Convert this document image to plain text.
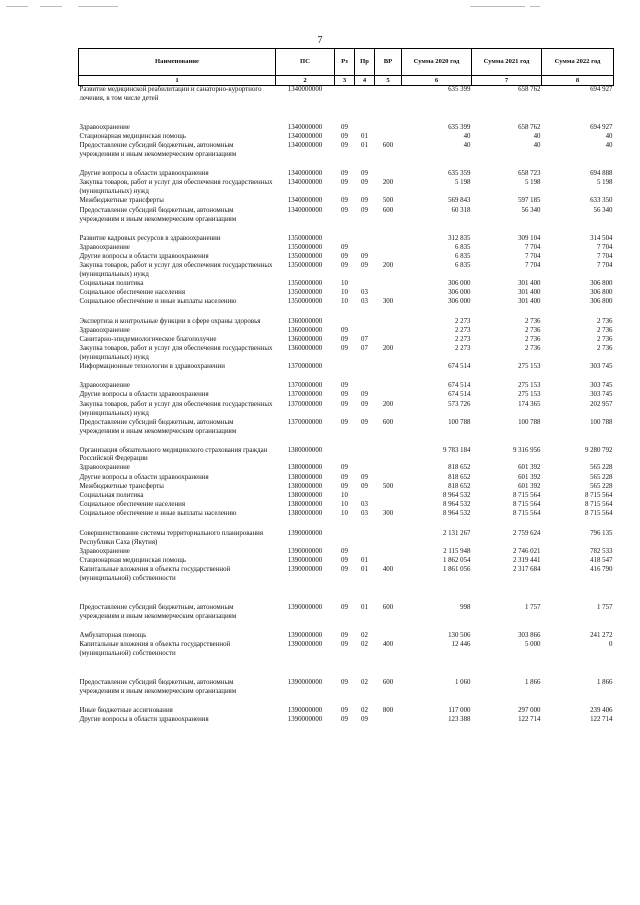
7
Наименование	ПС	Рз	Пр	ВР	Сумма 2020 год	Сумма 2021 год	Сумма 2022 год
1	2	3	4	5	6	7	8
Развитие медицинской реабилитации и санаторно-курортного лечения, в том числе детей	1340000000				635 399	658 762	694 927

Здравоохранение	1340000000	09			635 399	658 762	694 927
Стационарная медицинская помощь	1340000000	09	01		40	40	40
Предоставление субсидий бюджетным, автономным учреждениям и иным некоммерческим организациям	1340000000	09	01	600	40	40	40

Другие вопросы в области здравоохранения	1340000000	09	09		635 359	658 723	694 888
Закупка товаров, работ и услуг для обеспечения государственных (муниципальных) нужд	1340000000	09	09	200	5 198	5 198	5 198
Межбюджетные трансферты	1340000000	09	09	500	569 843	597 185	633 350
Предоставление субсидий бюджетным, автономным учреждениям и иным некоммерческим организациям	1340000000	09	09	600	60 318	56 340	56 340

Развитие кадровых ресурсов в здравоохранении	1350000000				312 835	309 104	314 504
Здравоохранение	1350000000	09			6 835	7 704	7 704
Другие вопросы в области здравоохранения	1350000000	09	09		6 835	7 704	7 704
Закупка товаров, работ и услуг для обеспечения государственных (муниципальных) нужд	1350000000	09	09	200	6 835	7 704	7 704
Социальная политика	1350000000	10			306 000	301 400	306 800
Социальное обеспечение населения	1350000000	10	03		306 000	301 400	306 800
Социальное обеспечение и иные выплаты населению	1350000000	10	03	300	306 000	301 400	306 800

Экспертиза и контрольные функции в сфере охраны здоровья	1360000000				2 273	2 736	2 736
Здравоохранение	1360000000	09			2 273	2 736	2 736
Санитарно-эпидемиологическое благополучие	1360000000	09	07		2 273	2 736	2 736
Закупка товаров, работ и услуг для обеспечения государственных (муниципальных) нужд	1360000000	09	07	200	2 273	2 736	2 736
Информационные технологии в здравоохранении	1370000000				674 514	275 153	303 745

Здравоохранение	1370000000	09			674 514	275 153	303 745
Другие вопросы в области здравоохранения	1370000000	09	09		674 514	275 153	303 745
Закупка товаров, работ и услуг для обеспечения государственных (муниципальных) нужд	1370000000	09	09	200	573 726	174 365	202 957
Предоставление субсидий бюджетным, автономным учреждениям и иным некоммерческим организациям	1370000000	09	09	600	100 788	100 788	100 788

Организация обязательного медицинского страхования граждан Российской Федерации	1380000000				9 783 184	9 316 956	9 280 792
Здравоохранение	1380000000	09			818 652	601 392	565 228
Другие вопросы в области здравоохранения	1380000000	09	09		818 652	601 392	565 228
Межбюджетные трансферты	1380000000	09	09	500	818 652	601 392	565 228
Социальная политика	1380000000	10			8 964 532	8 715 564	8 715 564
Социальное обеспечение населения	1380000000	10	03		8 964 532	8 715 564	8 715 564
Социальное обеспечение и иные выплаты населению	1380000000	10	03	300	8 964 532	8 715 564	8 715 564

Совершенствование системы территориального планирования Республики Саха (Якутия)	1390000000				2 131 267	2 759 624	796 135
Здравоохранение	1390000000	09			2 115 948	2 746 021	782 533
Стационарная медицинская помощь	1390000000	09	01		1 862 054	2 319 441	418 547
Капитальные вложения в объекты государственной (муниципальной) собственности	1390000000	09	01	400	1 861 056	2 317 684	416 790

Предоставление субсидий бюджетным, автономным учреждениям и иным некоммерческим организациям	1390000000	09	01	600	998	1 757	1 757

Амбулаторная помощь	1390000000	09	02		130 506	303 866	241 272
Капитальные вложения в объекты государственной (муниципальной) собственности	1390000000	09	02	400	12 446	5 000	0

Предоставление субсидий бюджетным, автономным учреждениям и иным некоммерческим организациям	1390000000	09	02	600	1 060	1 866	1 866

Иные бюджетные ассигнования	1390000000	09	02	800	117 000	297 000	239 406
Другие вопросы в области здравоохранения	1390000000	09	09		123 388	122 714	122 714
